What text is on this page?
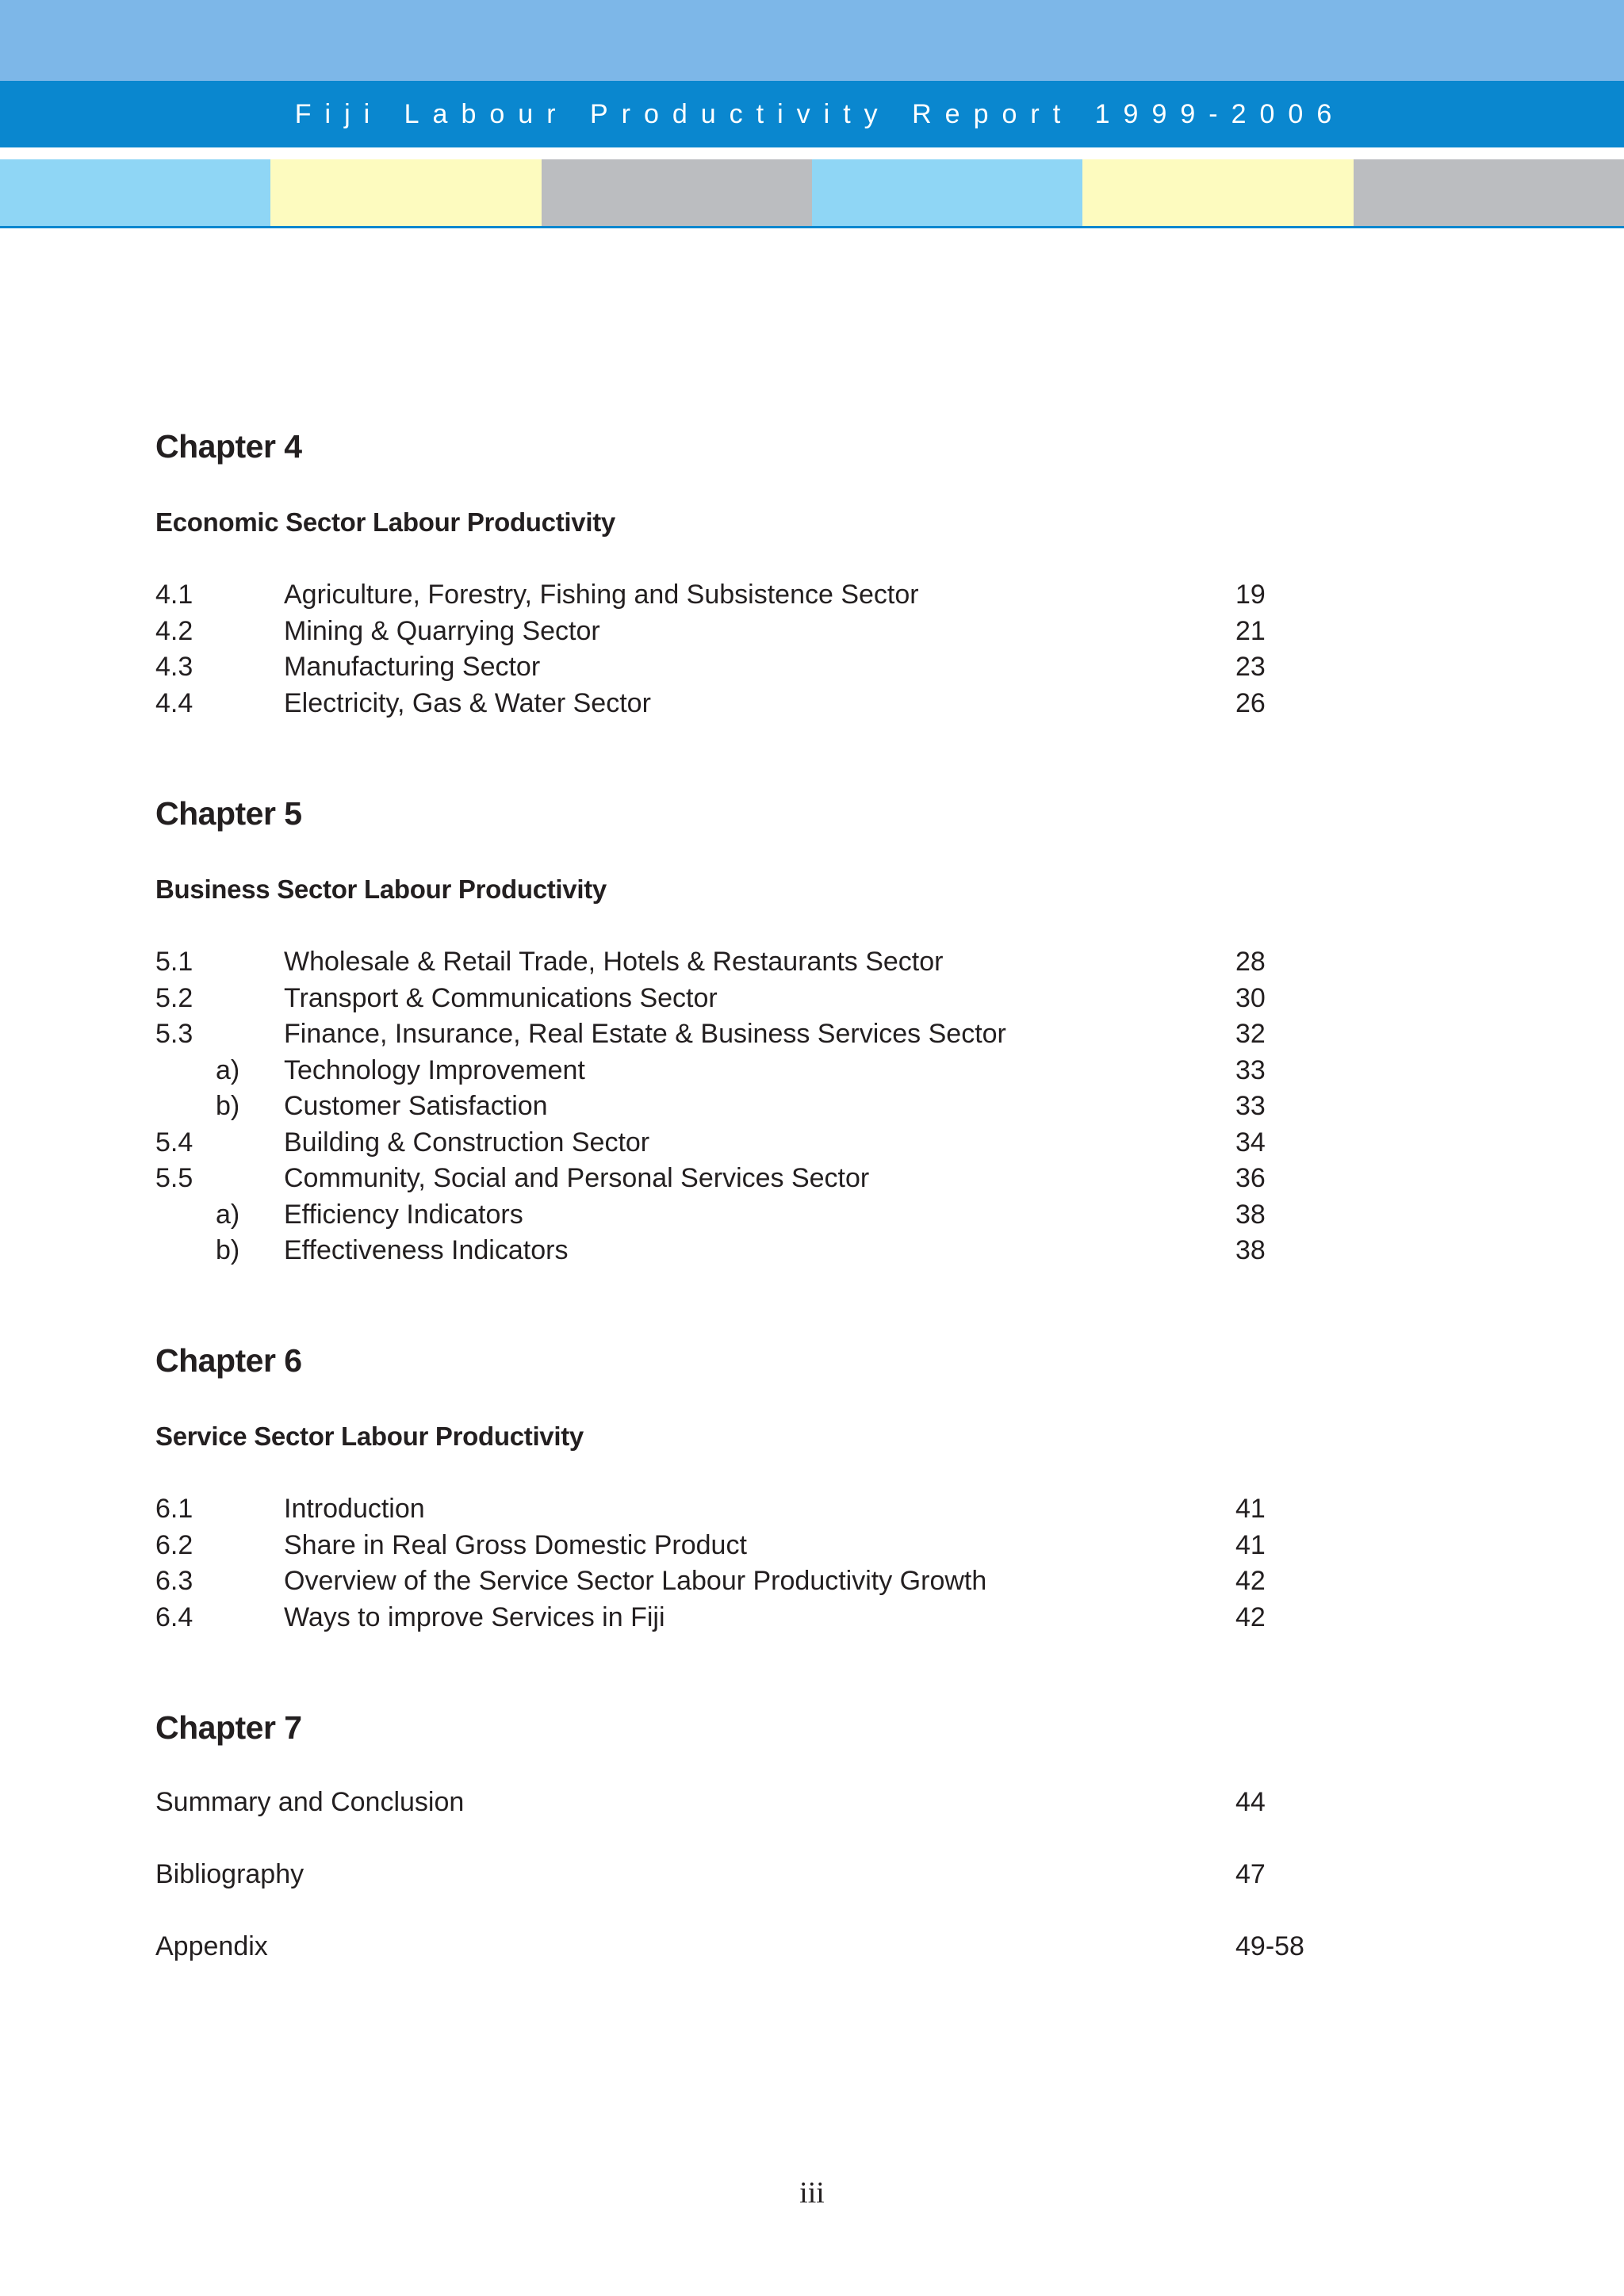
Fiji Labour Productivity Report 1999-2006
Chapter 4
Economic Sector Labour Productivity
4.1	Agriculture, Forestry, Fishing and Subsistence Sector	19
4.2	Mining & Quarrying Sector	21
4.3	Manufacturing Sector	23
4.4	Electricity, Gas & Water Sector	26
Chapter 5
Business Sector Labour Productivity
5.1	Wholesale & Retail Trade, Hotels & Restaurants Sector	28
5.2	Transport & Communications Sector	30
5.3	Finance, Insurance, Real Estate & Business Services Sector	32
a) Technology Improvement	33
b) Customer Satisfaction	33
5.4	Building & Construction Sector	34
5.5	Community, Social and Personal Services Sector	36
a) Efficiency Indicators	38
b) Effectiveness Indicators	38
Chapter 6
Service Sector Labour Productivity
6.1	Introduction	41
6.2	Share in Real Gross Domestic Product	41
6.3	Overview of the Service Sector Labour Productivity Growth	42
6.4	Ways to improve Services in Fiji	42
Chapter 7
Summary and Conclusion	44
Bibliography	47
Appendix	49-58
iii
